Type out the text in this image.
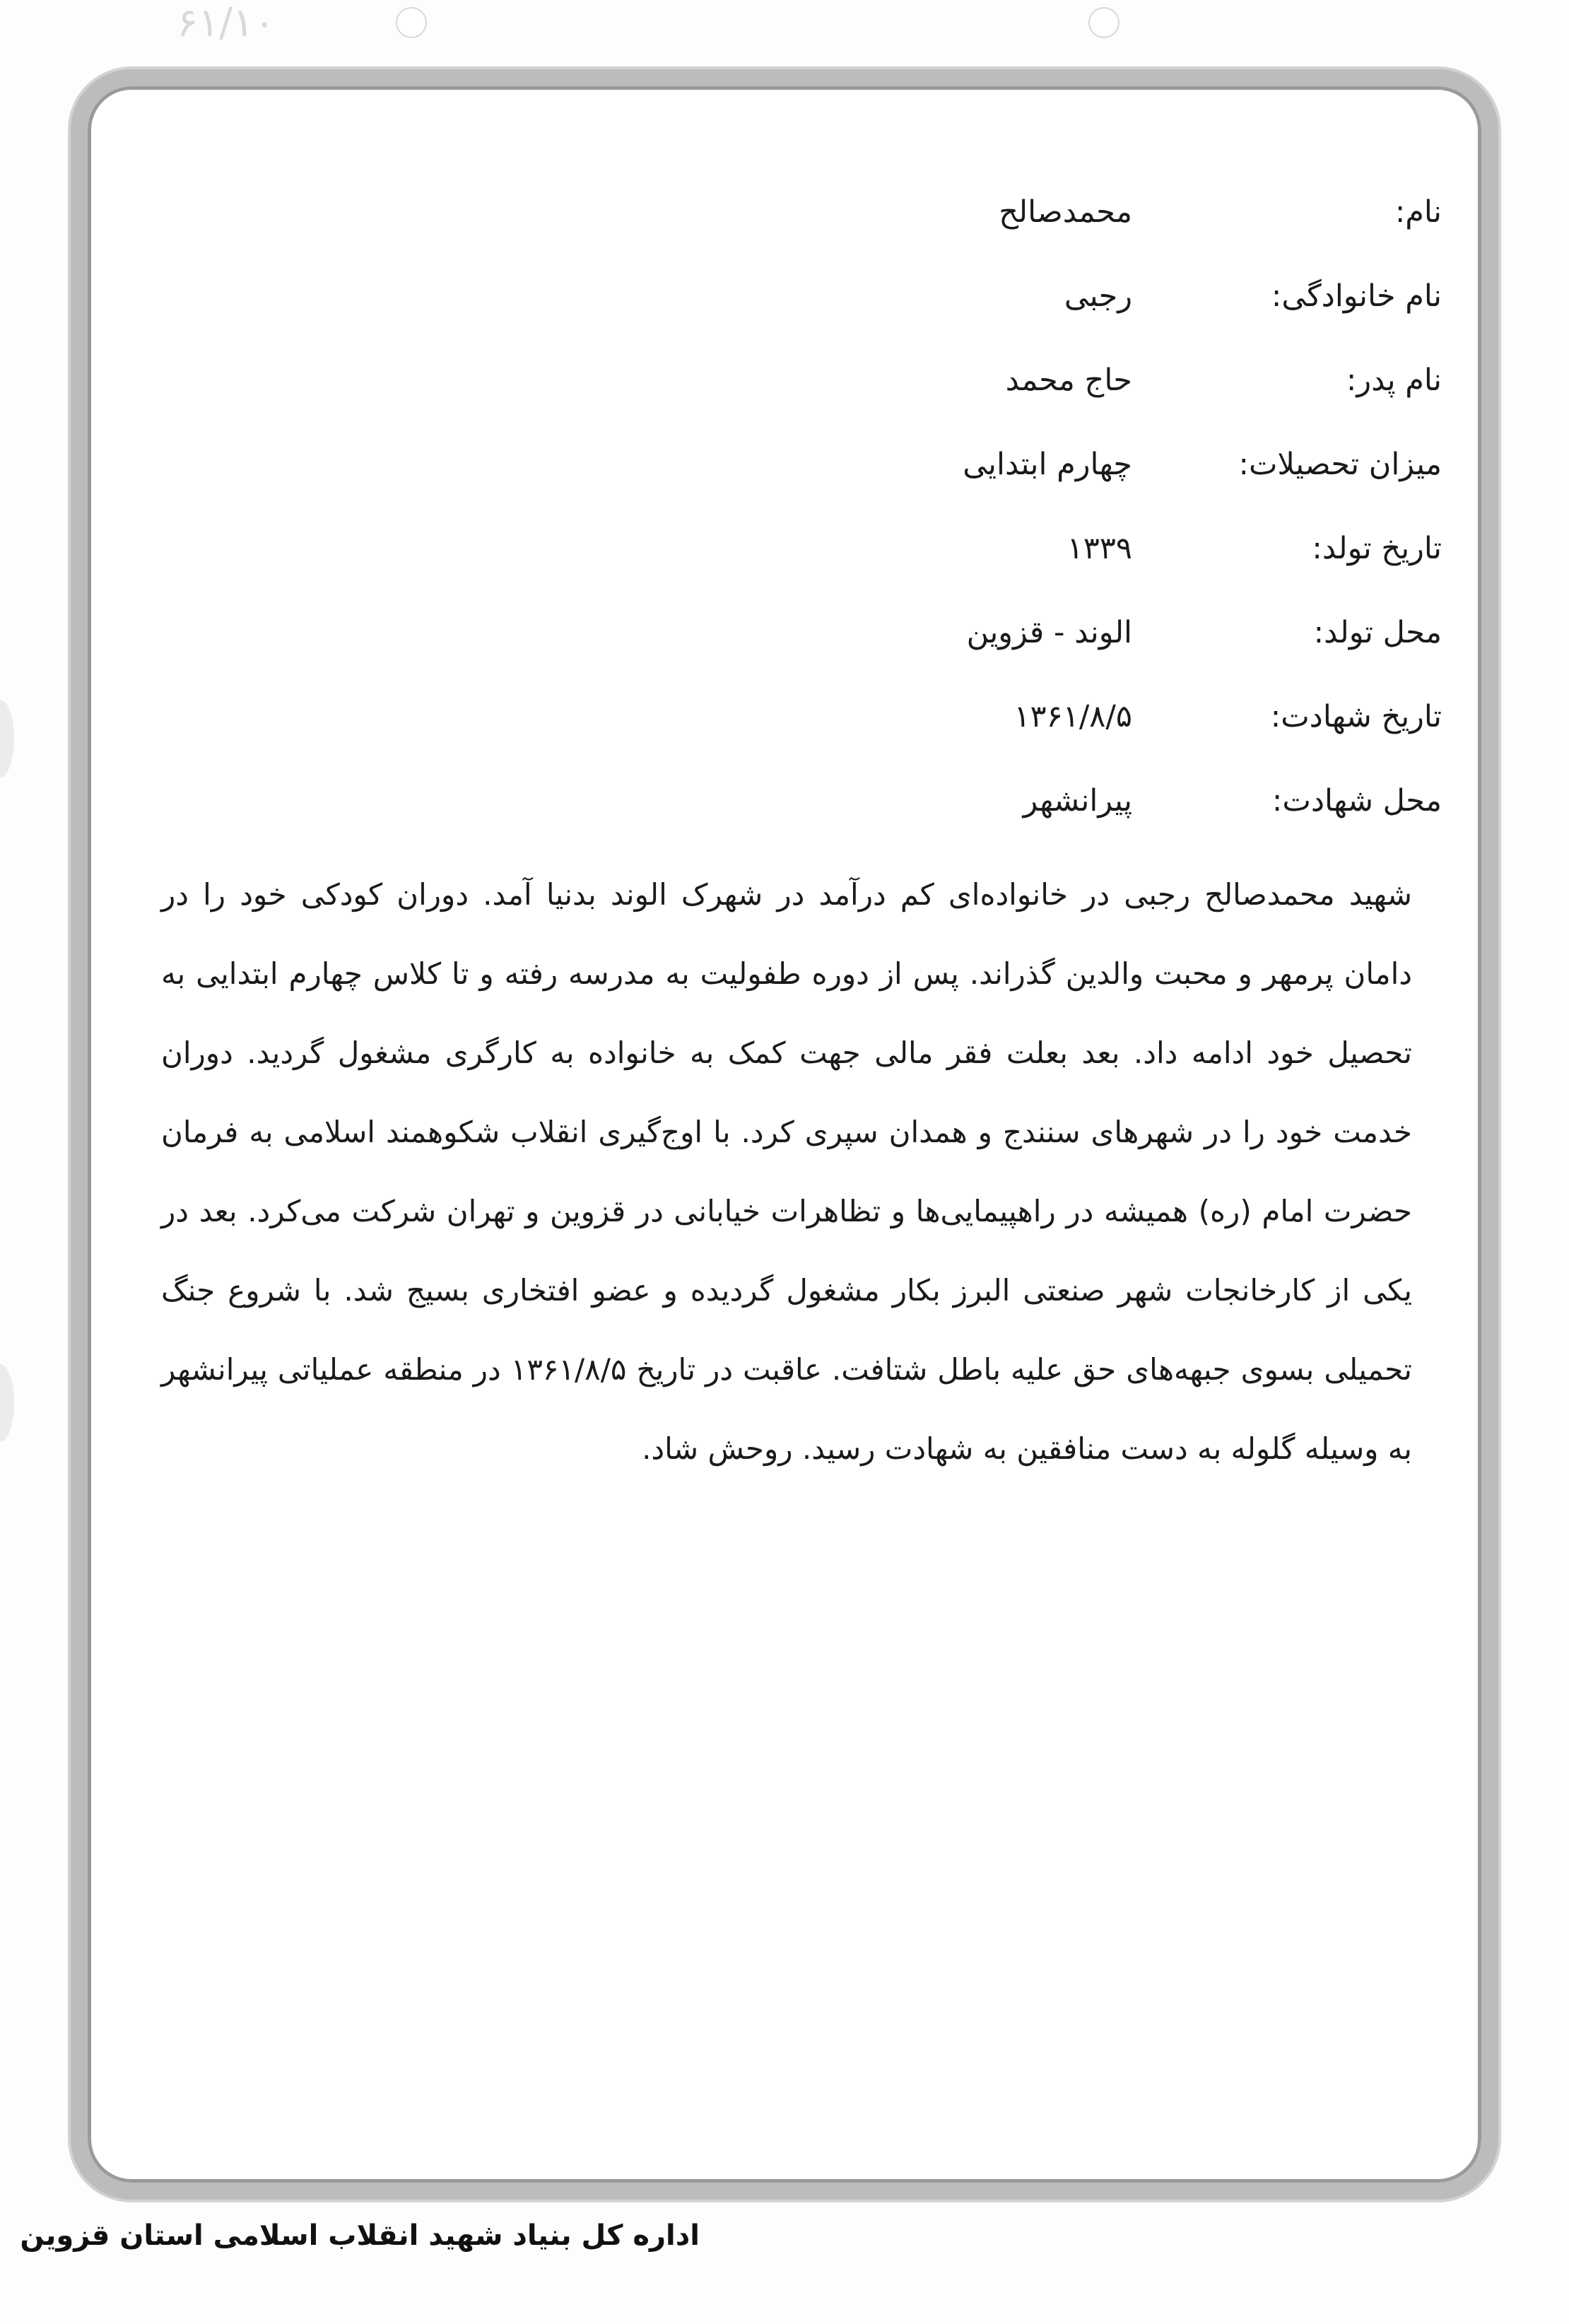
۶۱/۱۰
نام:
محمدصالح
نام خانوادگی:
رجبی
نام پدر:
حاج محمد
میزان تحصیلات:
چهارم ابتدایی
تاریخ تولد:
۱۳۳۹
محل تولد:
الوند - قزوین
تاریخ شهادت:
۱۳۶۱/۸/۵
محل شهادت:
پیرانشهر

شهید محمدصالح رجبی در خانواده‌ای کم درآمد در شهرک الوند بدنیا آمد. دوران کودکی خود را در دامان پرمهر و محبت والدین گذراند. پس از دوره طفولیت به مدرسه رفته و تا کلاس چهارم ابتدایی به تحصیل خود ادامه داد. بعد بعلت فقر مالی جهت کمک به خانواده به کارگری مشغول گردید. دوران خدمت خود را در شهرهای سنندج و همدان سپری کرد. با اوج‌گیری انقلاب شکوهمند اسلامی به فرمان حضرت امام (ره) همیشه در راهپیمایی‌ها و تظاهرات خیابانی در قزوین و تهران شرکت می‌کرد. بعد در یکی از کارخانجات شهر صنعتی البرز بکار مشغول گردیده و عضو افتخاری بسیج شد. با شروع جنگ تحمیلی بسوی جبهه‌های حق علیه باطل شتافت. عاقبت در تاریخ ۱۳۶۱/۸/۵ در منطقه عملیاتی پیرانشهر به وسیله گلوله به دست منافقین به شهادت رسید. روحش شاد.

اداره کل بنیاد شهید انقلاب اسلامی استان قزوین
